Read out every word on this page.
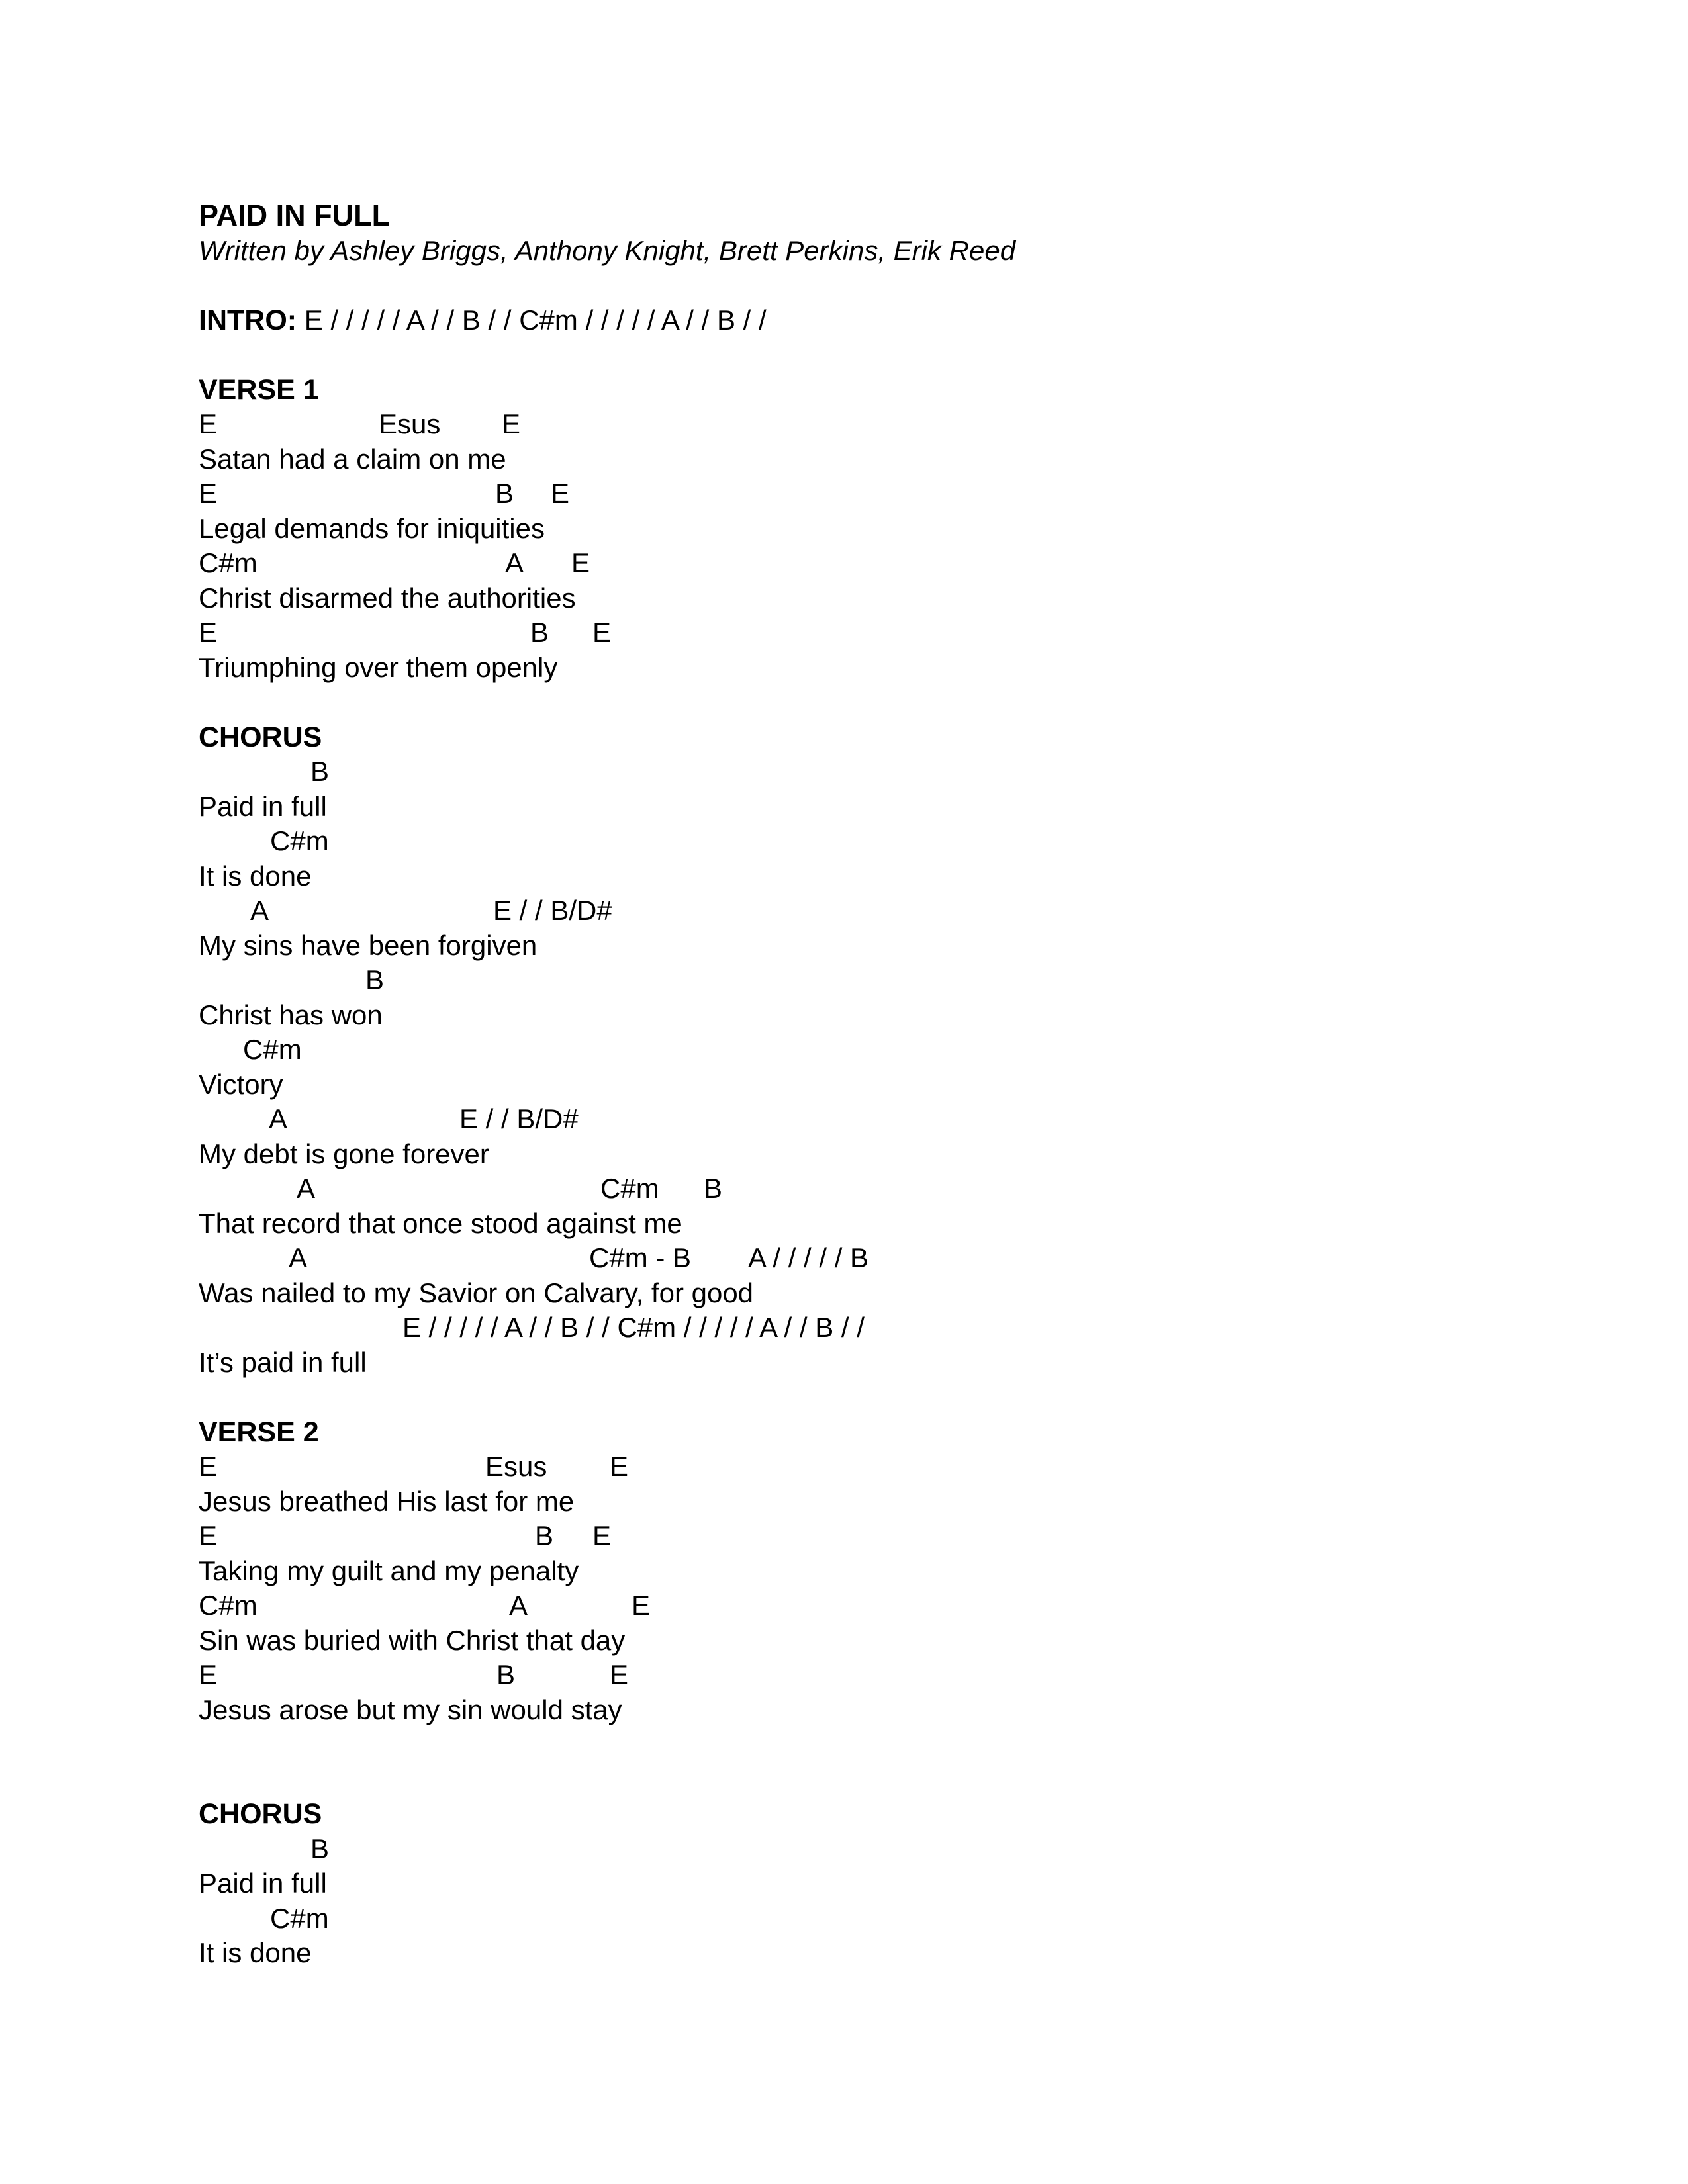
PAID IN FULL
Written by Ashley Briggs, Anthony Knight, Brett Perkins, Erik Reed
INTRO: E / / / / / A / / B / / C#m / / / / / A / / B / /
VERSE 1
E	Esus E
Satan had a claim on me
E	B E
Legal demands for iniquities
C#m	A E
Christ disarmed the authorities
E	B E
Triumphing over them openly
CHORUS
B
Paid in full
C#m
It is done
A	E / / B/D#
My sins have been forgiven
B
Christ has won
C#m
Victory
A	E / / B/D#
My debt is gone forever
A	C#m B
That record that once stood against me
A	C#m - B A / / / / / B
Was nailed to my Savior on Calvary, for good
E / / / / / A / / B / / C#m / / / / / A / / B / /
It’s paid in full
VERSE 2
E	Esus E
Jesus breathed His last for me
E	B E
Taking my guilt and my penalty
C#m	A	E
Sin was buried with Christ that day
E	B	E
Jesus arose but my sin would stay
CHORUS
B
Paid in full
C#m
It is done
